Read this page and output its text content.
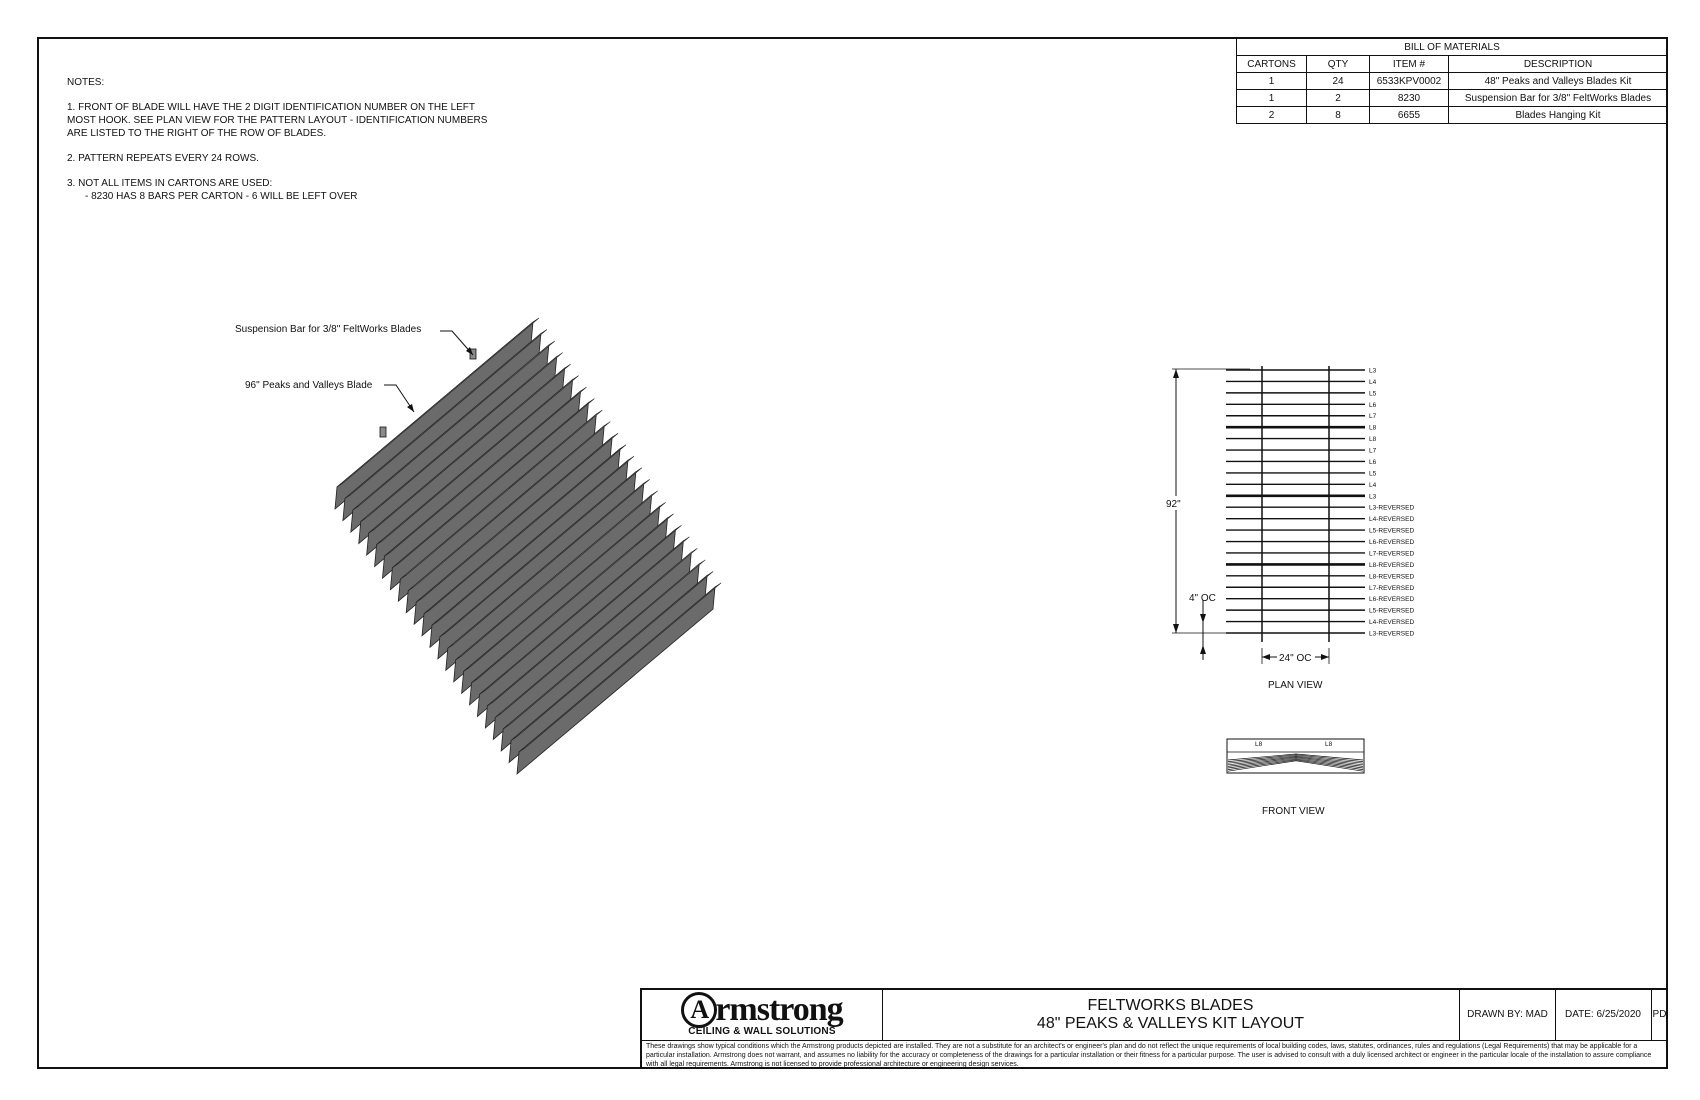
NOTES:

1. FRONT OF BLADE WILL HAVE THE 2 DIGIT IDENTIFICATION NUMBER ON THE LEFT MOST HOOK. SEE PLAN VIEW FOR THE PATTERN LAYOUT - IDENTIFICATION NUMBERS ARE LISTED TO THE RIGHT OF THE ROW OF BLADES.

2. PATTERN REPEATS EVERY 24 ROWS.

3. NOT ALL ITEMS IN CARTONS ARE USED:
- 8230 HAS 8 BARS PER CARTON - 6 WILL BE LEFT OVER
BILL OF MATERIALS			
CARTONS	QTY	ITEM #	DESCRIPTION
1	24	6533KPV0002	48" Peaks and Valleys Blades Kit
1	2	8230	Suspension Bar for 3/8" FeltWorks Blades
2	8	6655	Blades Hanging Kit
Suspension Bar for 3/8" FeltWorks Blades
96" Peaks and Valleys Blade
L3
L4
L5
L6
L7
L8
L8
L7
L6
L5
L4
L3
L3-REVERSED
L4-REVERSED
L5-REVERSED
L6-REVERSED
L7-REVERSED
L8-REVERSED
L8-REVERSED
L7-REVERSED
L6-REVERSED
L5-REVERSED
L4-REVERSED
L3-REVERSED
92"
4" OC
24" OC
PLAN VIEW
L8	L8
FRONT VIEW
A rmstrong
CEILING & WALL SOLUTIONS
FELTWORKS BLADES
48" PEAKS & VALLEYS KIT LAYOUT
DRAWN BY: MAD	DATE: 6/25/2020	PD
These drawings show typical conditions which the Armstrong products depicted are installed. They are not a substitute for an architect's or engineer's plan and do not reflect the unique requirements of local building codes, laws, statutes, ordinances, rules and regulations (Legal Requirements) that may be applicable for a particular installation. Armstrong does not warrant, and assumes no liability for the accuracy or completeness of the drawings for a particular installation or their fitness for a particular purpose. The user is advised to consult with a duly licensed architect or engineer in the particular locale of the installation to assure compliance with all legal requirements. Armstrong is not licensed to provide professional architecture or engineering design services.
